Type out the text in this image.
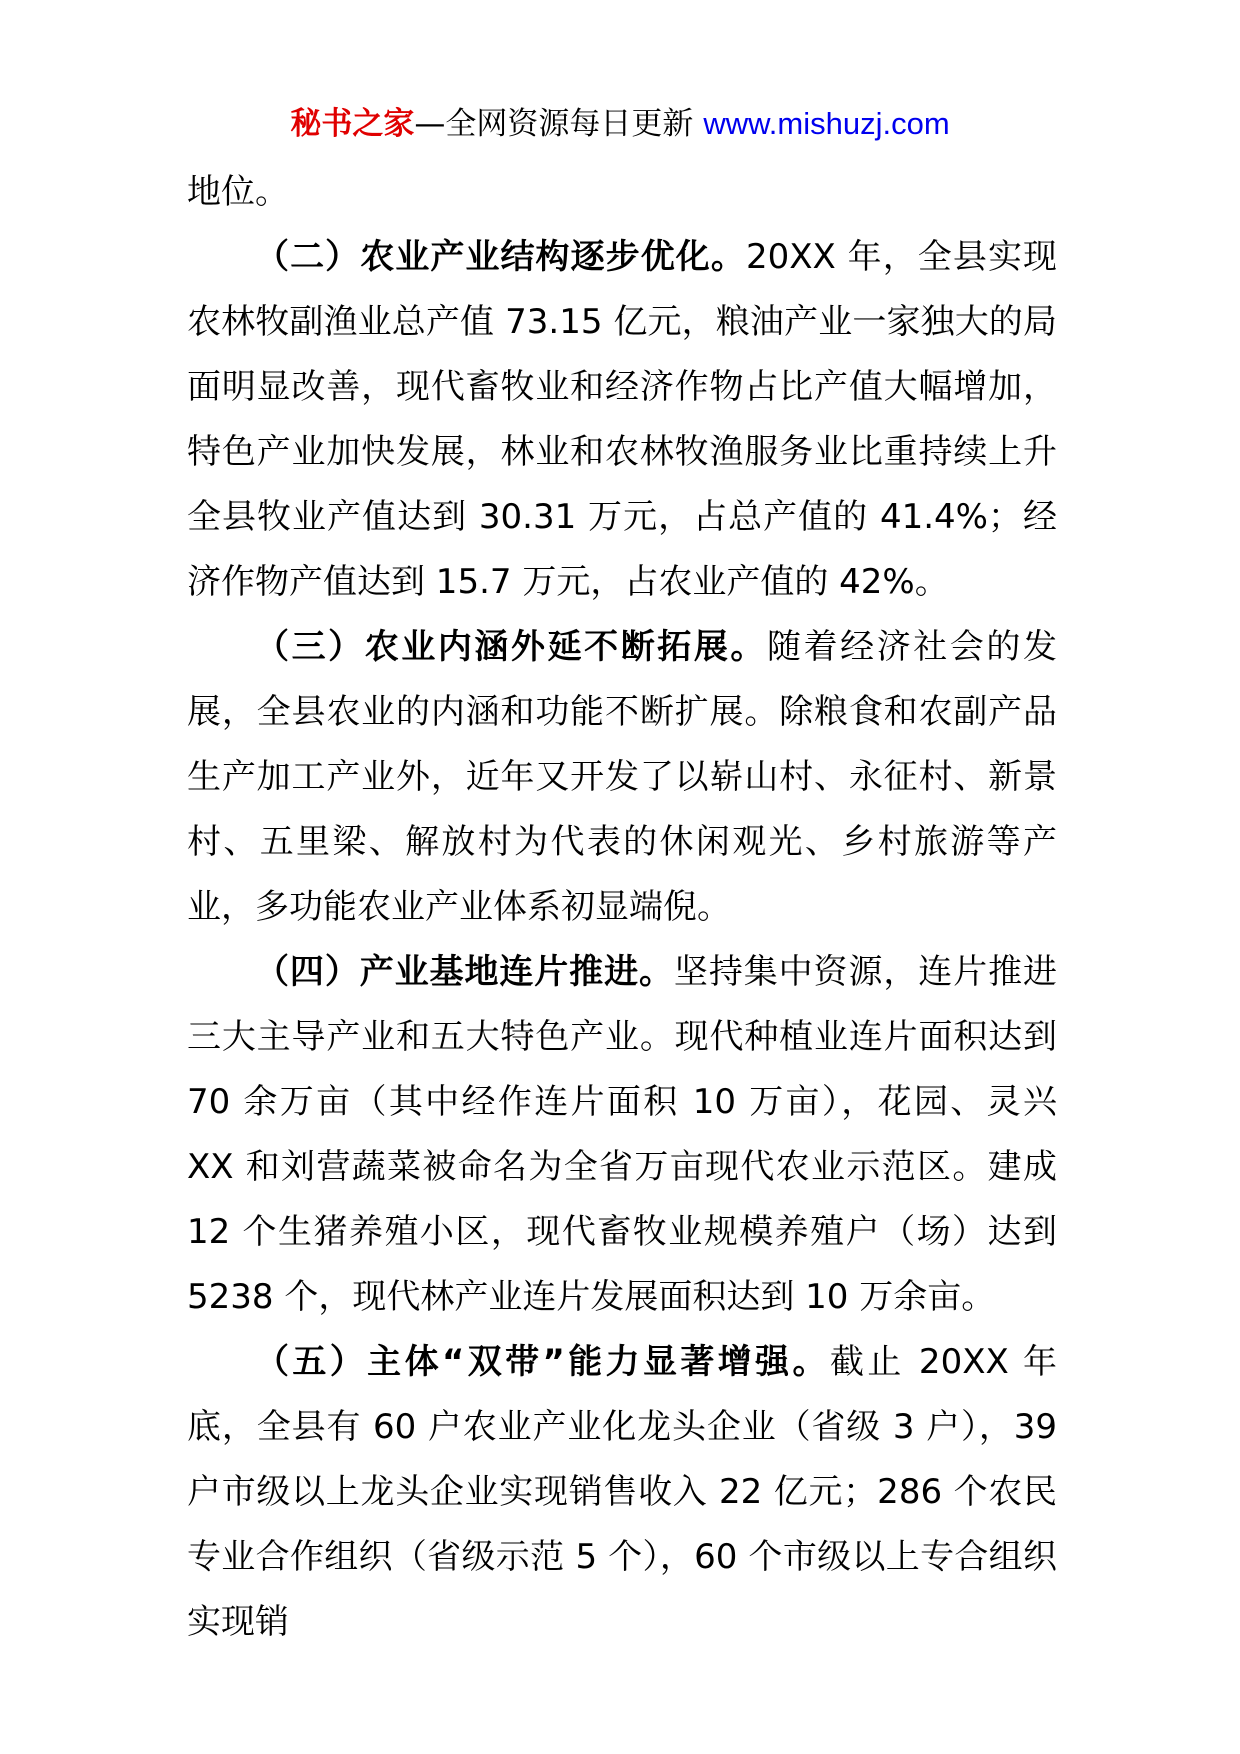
秘书之家—全网资源每日更新 www.mishuzj.com

地位。

（二）农业产业结构逐步优化。20XX 年，全县实现农林牧副渔业总产值 73.15 亿元，粮油产业一家独大的局面明显改善，现代畜牧业和经济作物占比产值大幅增加，特色产业加快发展，林业和农林牧渔服务业比重持续上升全县牧业产值达到 30.31 万元，占总产值的 41.4%；经济作物产值达到 15.7 万元，占农业产值的 42%。

（三）农业内涵外延不断拓展。随着经济社会的发展，全县农业的内涵和功能不断扩展。除粮食和农副产品生产加工产业外，近年又开发了以崭山村、永征村、新景村、五里梁、解放村为代表的休闲观光、乡村旅游等产业，多功能农业产业体系初显端倪。

（四）产业基地连片推进。坚持集中资源，连片推进三大主导产业和五大特色产业。现代种植业连片面积达到 70 余万亩（其中经作连片面积 10 万亩），花园、灵兴 XX 和刘营蔬菜被命名为全省万亩现代农业示范区。建成 12 个生猪养殖小区，现代畜牧业规模养殖户（场）达到 5238 个，现代林产业连片发展面积达到 10 万余亩。

（五）主体“双带”能力显著增强。截止 20XX 年底，全县有 60 户农业产业化龙头企业（省级 3 户），39 户市级以上龙头企业实现销售收入 22 亿元；286 个农民专业合作组织（省级示范 5 个），60 个市级以上专合组织实现销
